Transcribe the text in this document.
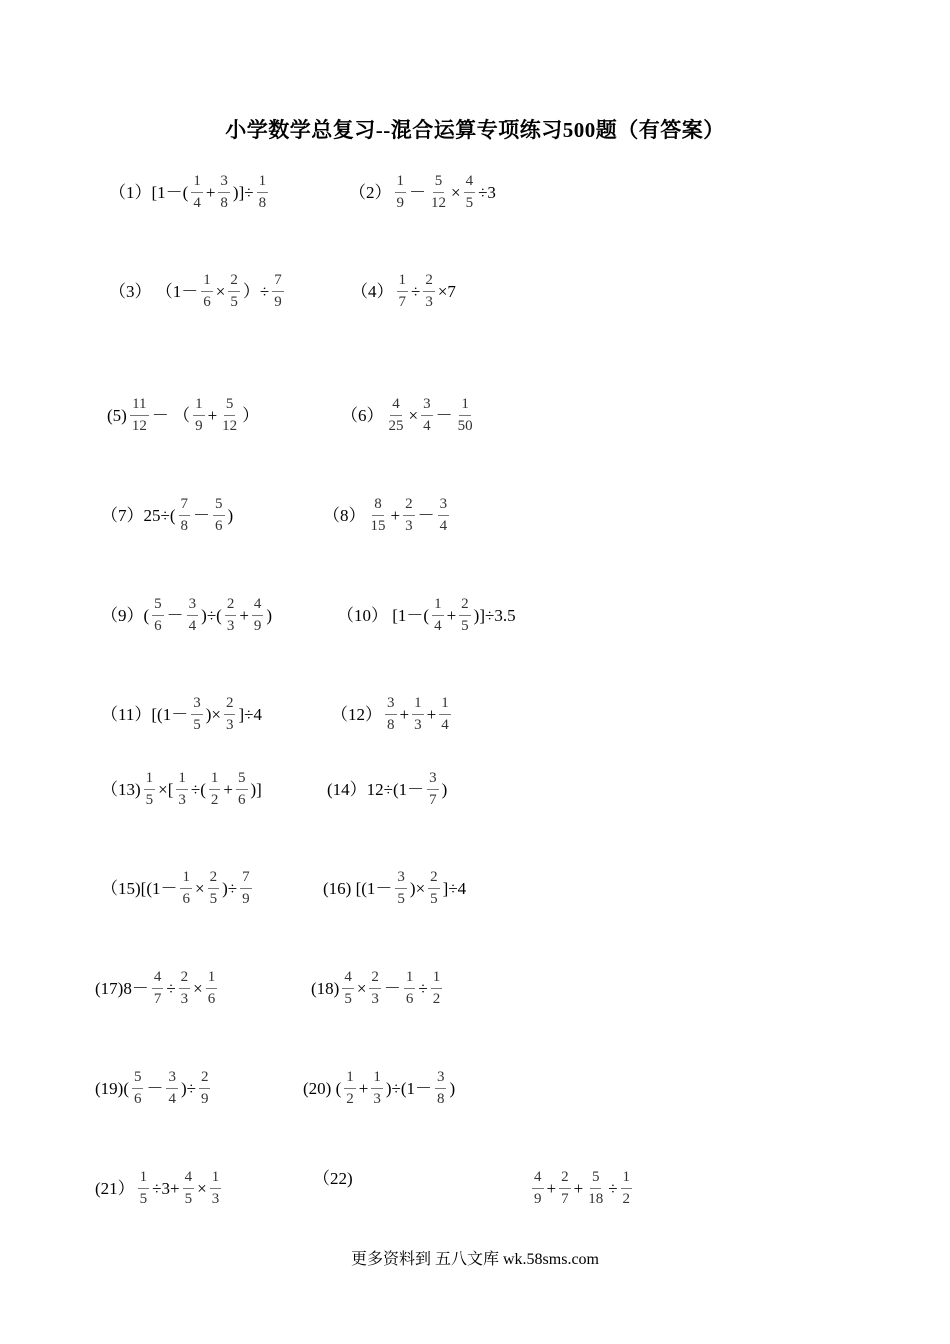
小学数学总复习--混合运算专项练习500题（有答案）
$(1)[1-( \frac{1}{4} + \frac{3}{8}$ )]÷ $\frac{1}{8}$	$(2) \frac{1}{9} - \frac{5}{12} \times \frac{4}{5} \div 3$
（3） （$1- \frac{1}{6} \times \frac{2}{5}$ ）÷ $\frac{7}{9}$	$(4) \frac{1}{7} \div \frac{2}{3} \times 7$
$(5) \frac{11}{12}$ － （ $\frac{1}{9} + \frac{5}{12}$ ）	$(6) \frac{4}{25} \times \frac{3}{4} - \frac{1}{50}$
$(7)25\div( \frac{7}{8} - \frac{5}{6}$ )	$(8) \frac{8}{15} + \frac{2}{3} - \frac{3}{4}$
$(9)( \frac{5}{6} - \frac{3}{4}$ )÷( $\frac{2}{3} + \frac{4}{9}$ )	（10） $[1-( \frac{1}{4} + \frac{2}{5} )]\div 3.5$
$(11)[(1- \frac{3}{5}$ )× $\frac{2}{3} ]\div 4$	$(12) \frac{3}{8} + \frac{1}{3} + \frac{1}{4}$
$(13) \frac{1}{5}$ ×[ $\frac{1}{3}$ ÷( $\frac{1}{2} + \frac{5}{6}$ )]	$(14)12\div(1- \frac{3}{7}$ )
$(15)[(1- \frac{1}{6} \times \frac{2}{5}$ )÷ $\frac{7}{9}$	(16) [($1- \frac{3}{5}$ )× $\frac{2}{5} ]\div 4$
$(17)8- \frac{4}{7} \div \frac{2}{3} \times \frac{1}{6}$	$(18) \frac{4}{5} \times \frac{2}{3} - \frac{1}{6} \div \frac{1}{2}$
$(19)( \frac{5}{6} - \frac{3}{4}$ )÷ $\frac{2}{9}$	(20) ( $\frac{1}{2} + \frac{1}{3} )\div(1- \frac{3}{8}$ )
$(21) \frac{1}{5} \div 3+ \frac{4}{5} \times \frac{1}{3}$	（22)	$\frac{4}{9} + \frac{2}{7} + \frac{5}{18} \div \frac{1}{2}$
更多资料到 五八文库 wk.58sms.com
